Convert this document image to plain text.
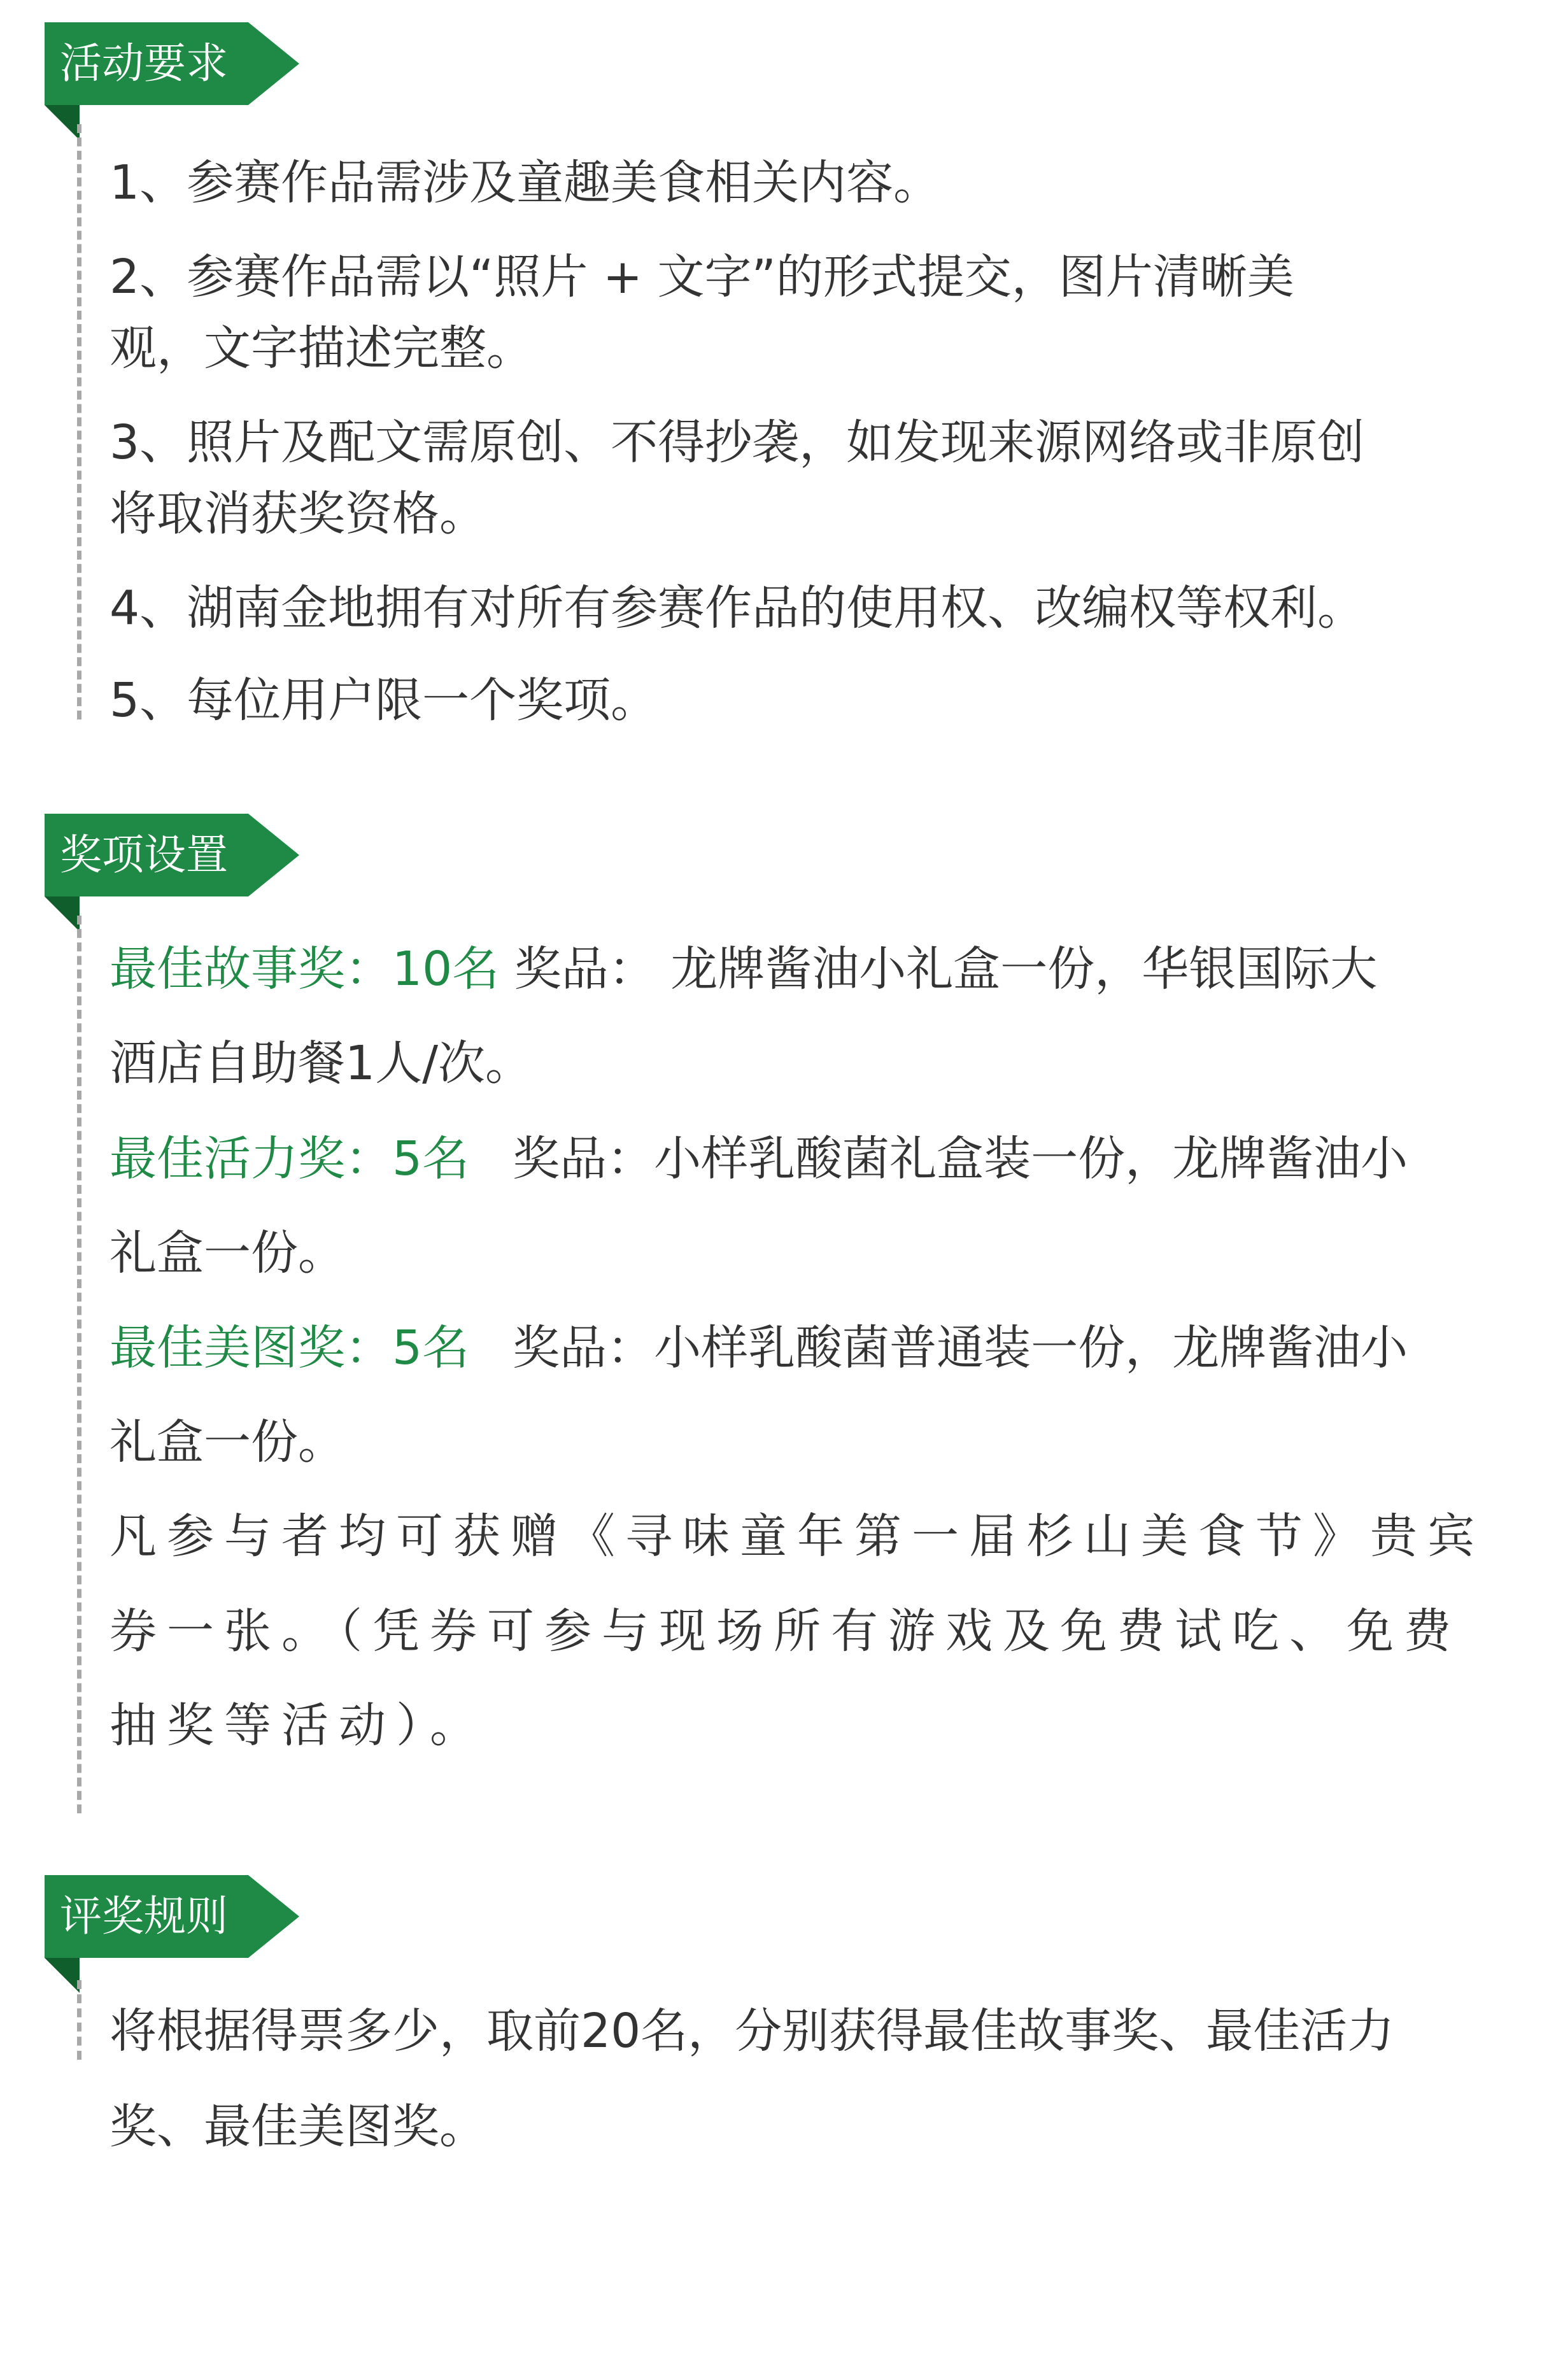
活动要求
1、参赛作品需涉及童趣美食相关内容。
2、参赛作品需以“照片 + 文字”的形式提交，图片清晰美
观，文字描述完整。
3、照片及配文需原创、不得抄袭，如发现来源网络或非原创
将取消获奖资格。
4、湖南金地拥有对所有参赛作品的使用权、改编权等权利。
5、每位用户限一个奖项。
奖项设置
最佳故事奖：10名 奖品： 龙牌酱油小礼盒一份，华银国际大
酒店自助餐1人/次。
最佳活力奖：5名 奖品：小样乳酸菌礼盒装一份，龙牌酱油小
礼盒一份。
最佳美图奖：5名 奖品：小样乳酸菌普通装一份，龙牌酱油小
礼盒一份。
凡参与者均可获赠《寻味童年第一届杉山美食节》贵宾
券一张。（凭券可参与现场所有游戏及免费试吃、免费
抽奖等活动）。
评奖规则
将根据得票多少，取前20名，分别获得最佳故事奖、最佳活力
奖、最佳美图奖。
